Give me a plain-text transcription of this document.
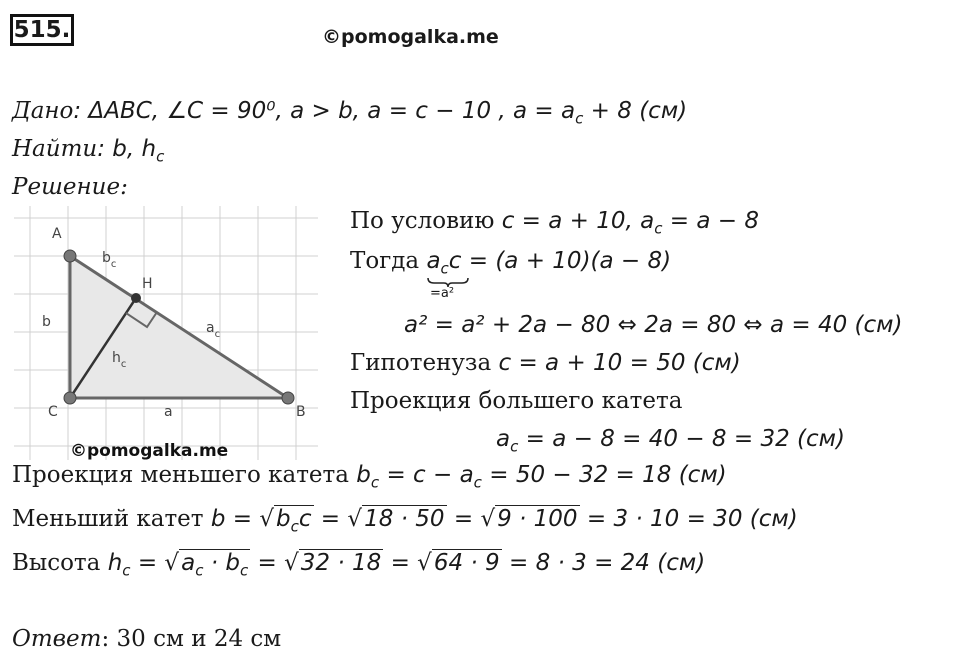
515.	©pomogalka.me
Дано: ΔABC, ∠C = 90⁰, a > b, a = c − 10 , $a = a_c + 8$ (см)
Найти: b, $h_c$
Решение:
A
C	B
H
b
a
$b_c$
$a_c$
$h_c$
©pomogalka.me
По условию c = a + 10, $a_c = a - 8$
Тогда $a_cc = (a + 10)(a - 8)$
=a²
a² = a² + 2a − 80 ⇔ 2a = 80 ⇔ a = 40 (см)
Гипотенуза c = a + 10 = 50 (см)
Проекция большего катета
$a_c = a - 8 = 40 - 8 = 32$ (см)
Проекция меньшего катета $b_c = c - a_c = 50 - 32 = 18$ (см)
Меньший катет $b = √b_cc = √18 \cdot 50 = √9 \cdot 100 = 3 \cdot 10 = 30$ (см)
Высота $h_c = √a_c \cdot b_c = √32 \cdot 18 = √64 \cdot 9 = 8 \cdot 3 = 24$ (см)
Ответ: 30 см и 24 см
